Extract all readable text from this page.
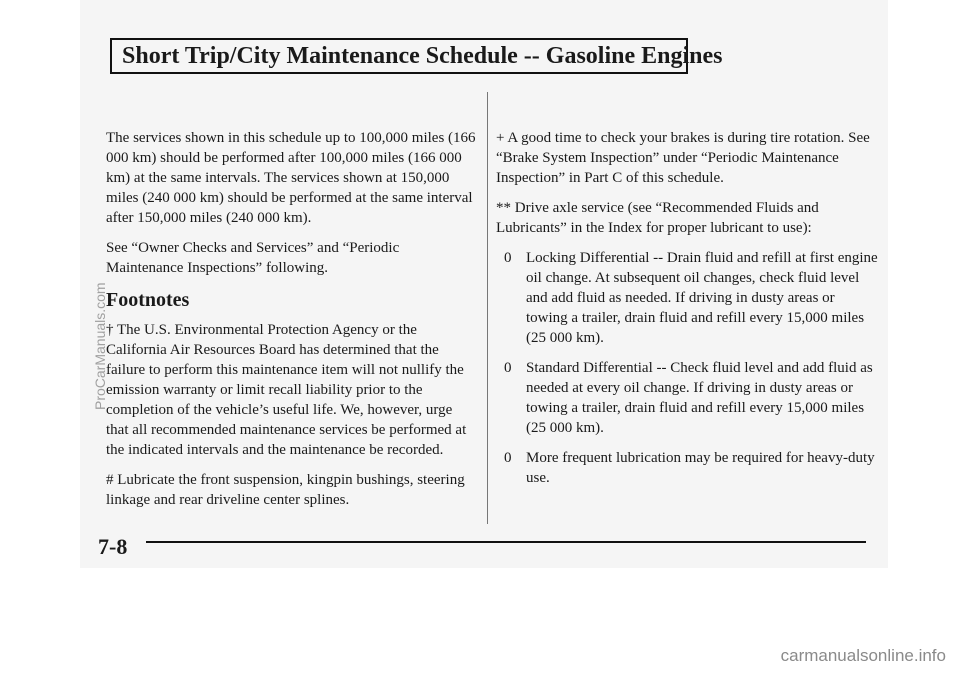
Short Trip/City Maintenance Schedule -- Gasoline Engines

The services shown in this schedule up to 100,000 miles (166 000 km) should be performed after 100,000 miles (166 000 km) at the same intervals. The services shown at 150,000 miles (240 000 km) should be performed at the same interval after 150,000 miles (240 000 km).

See “Owner Checks and Services” and “Periodic Maintenance Inspections” following.

Footnotes

† The U.S. Environmental Protection Agency or the California Air Resources Board has determined that the failure to perform this maintenance item will not nullify the emission warranty or limit recall liability prior to the completion of the vehicle’s useful life. We, however, urge that all recommended maintenance services be performed at the indicated intervals and the maintenance be recorded.

# Lubricate the front suspension, kingpin bushings, steering linkage and rear driveline center splines.

+ A good time to check your brakes is during tire rotation. See “Brake System Inspection” under “Periodic Maintenance Inspection” in Part C of this schedule.

** Drive axle service (see “Recommended Fluids and Lubricants” in the Index for proper lubricant to use):

0 Locking Differential -- Drain fluid and refill at first engine oil change. At subsequent oil changes, check fluid level and add fluid as needed. If driving in dusty areas or towing a trailer, drain fluid and refill every 15,000 miles (25 000 km).
0 Standard Differential -- Check fluid level and add fluid as needed at every oil change. If driving in dusty areas or towing a trailer, drain fluid and refill every 15,000 miles (25 000 km).
0 More frequent lubrication may be required for heavy-duty use.
7-8
ProCarManuals.com
carmanualsonline.info
